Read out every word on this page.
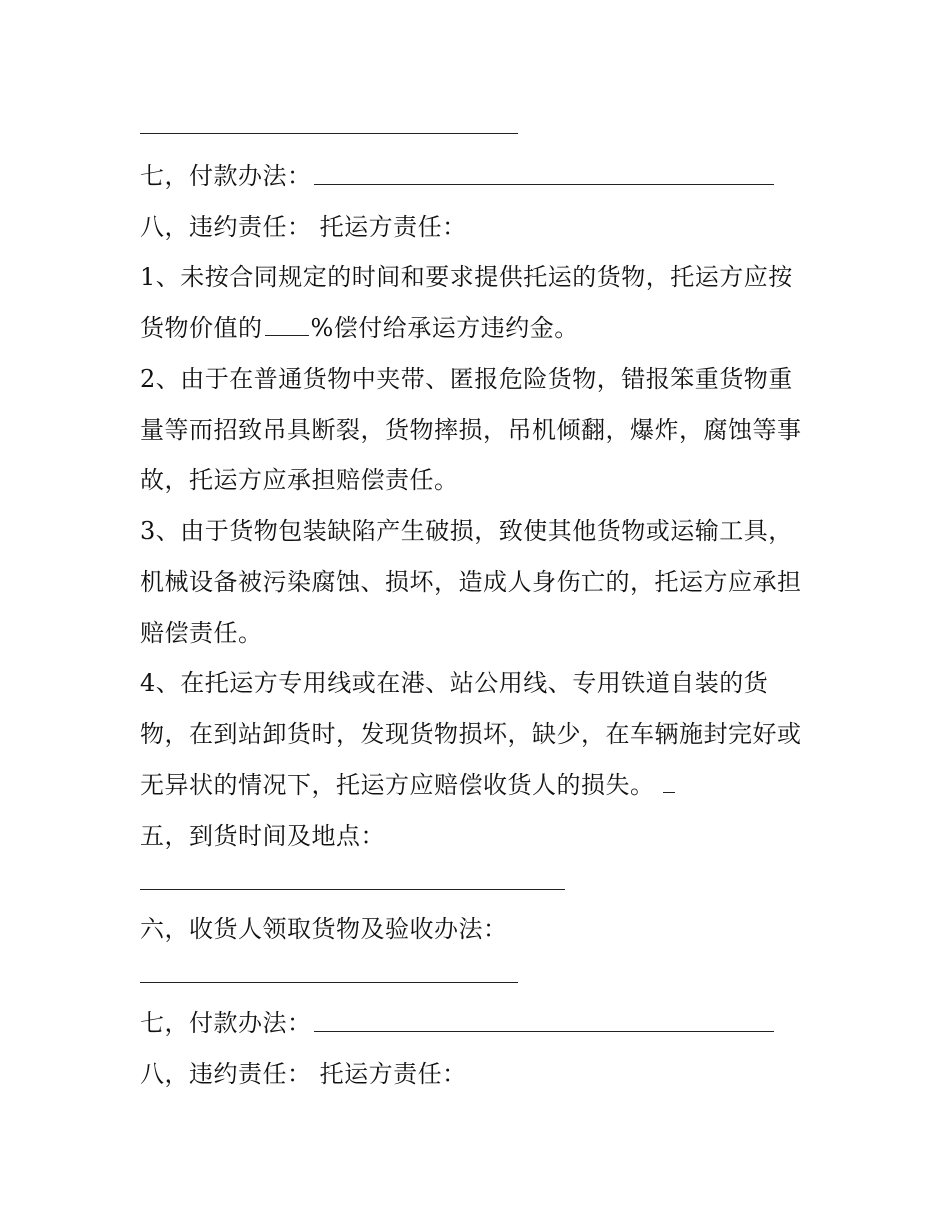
七，付款办法：
八，违约责任： 托运方责任：
1、未按合同规定的时间和要求提供托运的货物，托运方应按
货物价值的 %偿付给承运方违约金。
2、由于在普通货物中夹带、匿报危险货物，错报笨重货物重
量等而招致吊具断裂，货物摔损，吊机倾翻，爆炸，腐蚀等事
故，托运方应承担赔偿责任。
3、由于货物包装缺陷产生破损，致使其他货物或运输工具，
机械设备被污染腐蚀、损坏，造成人身伤亡的，托运方应承担
赔偿责任。
4、在托运方专用线或在港、站公用线、专用铁道自装的货
物，在到站卸货时，发现货物损坏，缺少，在车辆施封完好或
无异状的情况下，托运方应赔偿收货人的损失。
五，到货时间及地点：
六，收货人领取货物及验收办法：
七，付款办法：
八，违约责任： 托运方责任：
